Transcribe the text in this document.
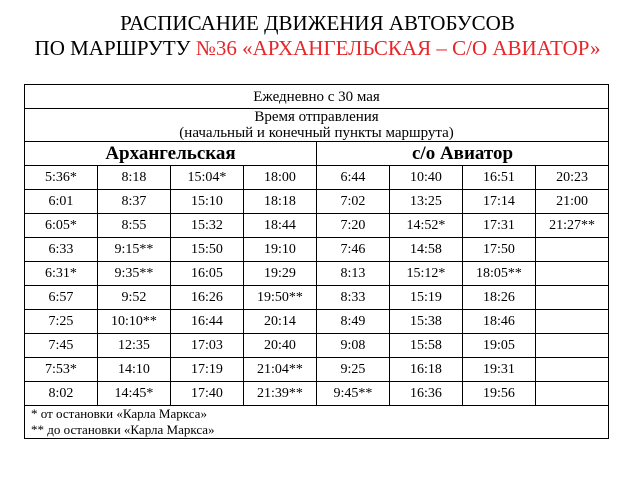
РАСПИСАНИЕ ДВИЖЕНИЯ АВТОБУСОВ
ПО МАРШРУТУ №36 «АРХАНГЕЛЬСКАЯ – С/О АВИАТОР»
Ежедневно с 30 мая							

Время отправления
(начальный и конечный пункты маршрута)							

Архангельская				с/о Авиатор			
5:36*	8:18	15:04*	18:00	6:44	10:40	16:51	20:23
6:01	8:37	15:10	18:18	7:02	13:25	17:14	21:00
6:05*	8:55	15:32	18:44	7:20	14:52*	17:31	21:27**
6:33	9:15**	15:50	19:10	7:46	14:58	17:50	
6:31*	9:35**	16:05	19:29	8:13	15:12*	18:05**	
6:57	9:52	16:26	19:50**	8:33	15:19	18:26	
7:25	10:10**	16:44	20:14	8:49	15:38	18:46	
7:45	12:35	17:03	20:40	9:08	15:58	19:05	
7:53*	14:10	17:19	21:04**	9:25	16:18	19:31	
8:02	14:45*	17:40	21:39**	9:45**	16:36	19:56	

* от остановки «Карла Маркса»
** до остановки «Карла Маркса»							
